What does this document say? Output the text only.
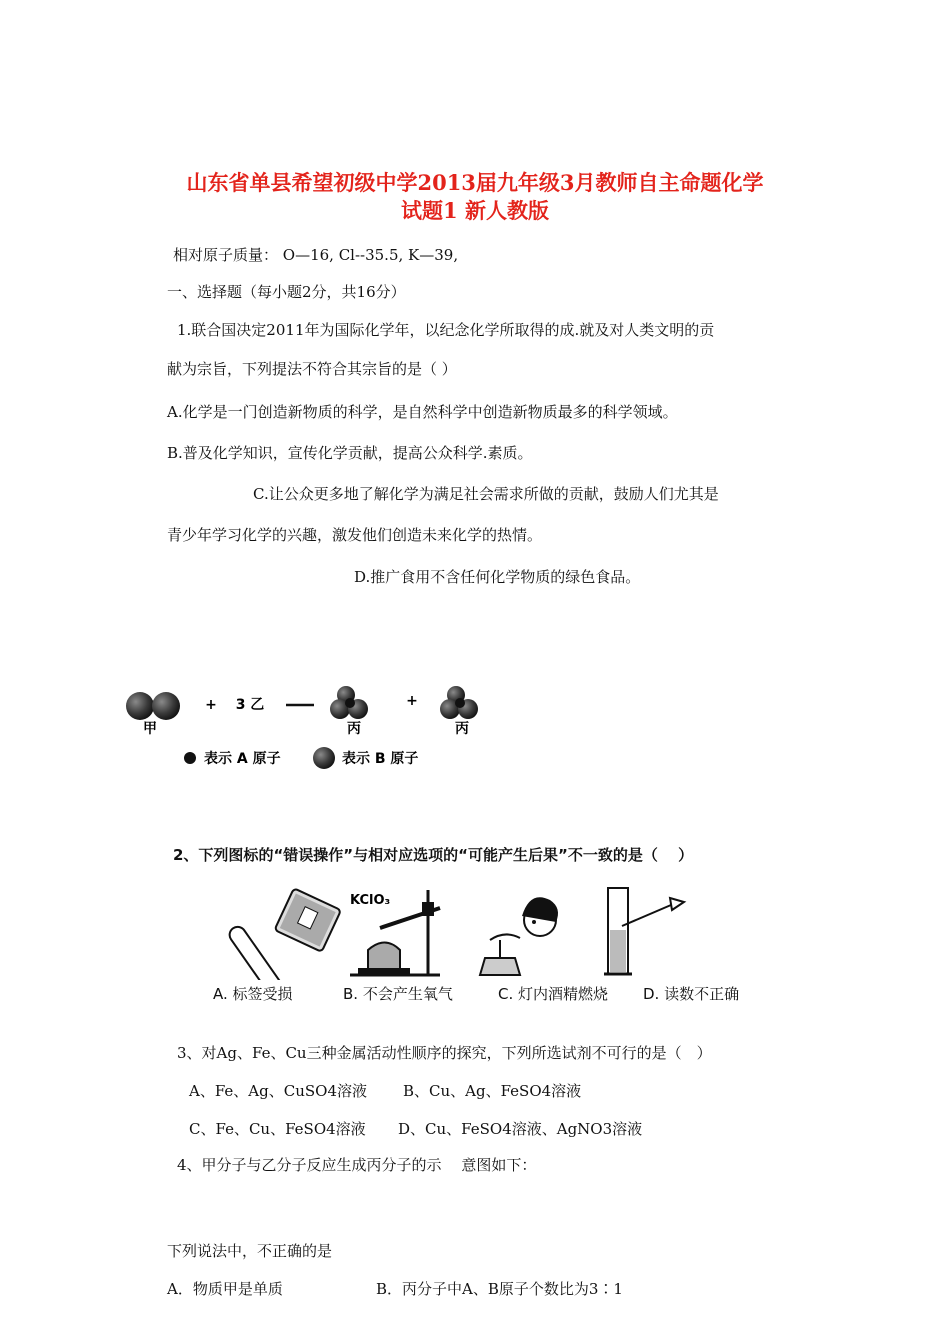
山东省单县希望初级中学2013届九年级3月教师自主命题化学
试题1 新人教版
相对原子质量： O—16, Cl--35.5, K—39,
一、选择题（每小题2分，共16分）
1.联合国决定2011年为国际化学年，以纪念化学所取得的成.就及对人类文明的贡
献为宗旨，下列提法不符合其宗旨的是（ ）
A.化学是一门创造新物质的科学，是自然科学中创造新物质最多的科学领域。
B.普及化学知识，宣传化学贡献，提高公众科学.素质。
C.让公众更多地了解化学为满足社会需求所做的贡献，鼓励人们尤其是
青少年学习化学的兴趣，激发他们创造未来化学的热情。
D.推广食用不含任何化学物质的绿色食品。
甲
+ 3 乙
丙
+
丙
表示 A 原子	表示 B 原子
2、下列图标的“错误操作”与相对应选项的“可能产生后果”不一致的是（　 ）
KClO₃
A. 标签受损	B. 不会产生氧气	C. 灯内酒精燃烧 D. 读数不正确
3、对Ag、Fe、Cu三种金属活动性顺序的探究，下列所选试剂不可行的是（　）
A、Fe、Ag、CuSO4溶液 B、Cu、Ag、FeSO4溶液
C、Fe、Cu、FeSO4溶液 D、Cu、FeSO4溶液、AgNO3溶液
4、甲分子与乙分子反应生成丙分子的示　 意图如下：
下列说法中，不正确的是
A．物质甲是单质	B．丙分子中A、B原子个数比为3∶1
